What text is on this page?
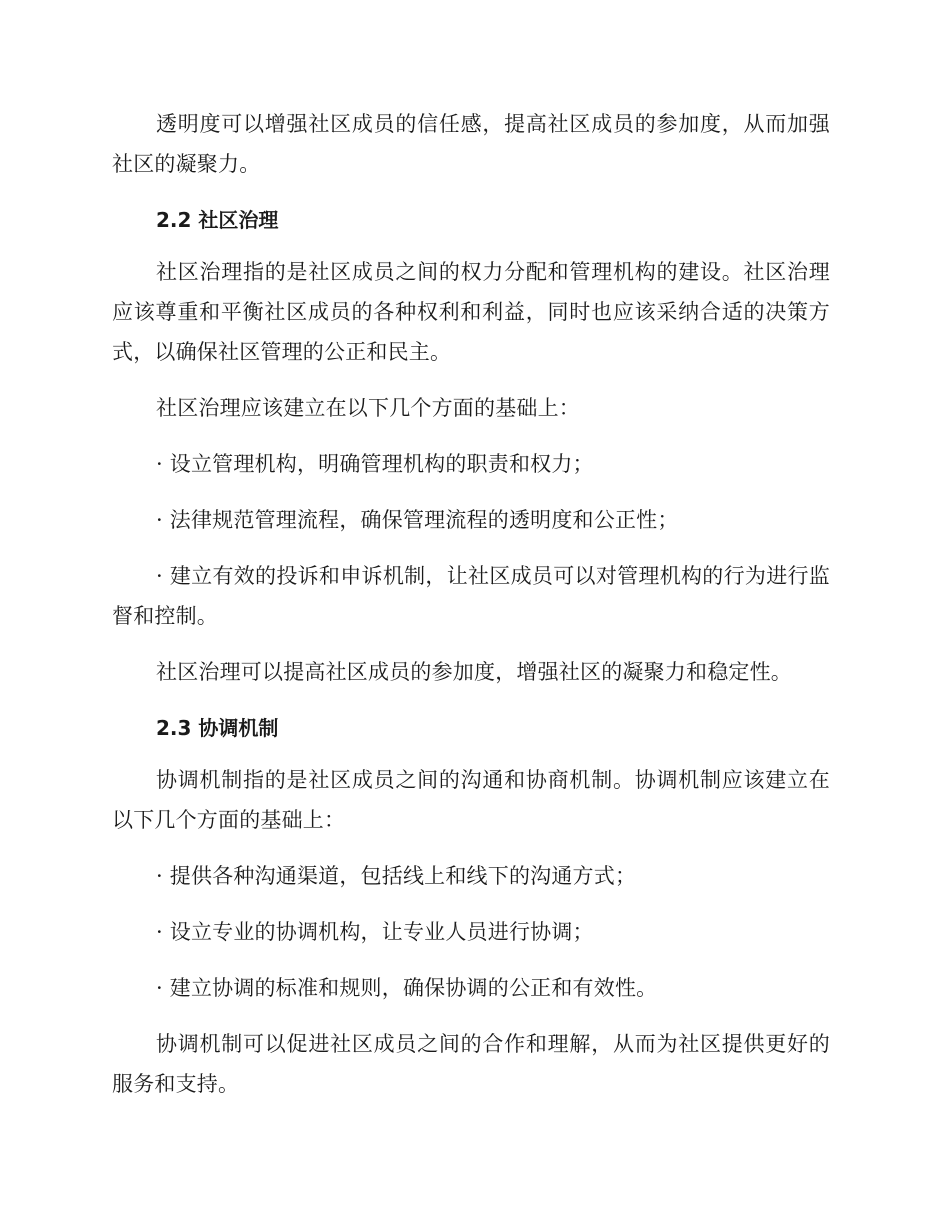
透明度可以增强社区成员的信任感，提高社区成员的参加度，从而加强社区的凝聚力。

2.2 社区治理

社区治理指的是社区成员之间的权力分配和管理机构的建设。社区治理应该尊重和平衡社区成员的各种权利和利益，同时也应该采纳合适的决策方式，以确保社区管理的公正和民主。

社区治理应该建立在以下几个方面的基础上：

· 设立管理机构，明确管理机构的职责和权力；

· 法律规范管理流程，确保管理流程的透明度和公正性；

· 建立有效的投诉和申诉机制，让社区成员可以对管理机构的行为进行监督和控制。

社区治理可以提高社区成员的参加度，增强社区的凝聚力和稳定性。

2.3 协调机制

协调机制指的是社区成员之间的沟通和协商机制。协调机制应该建立在以下几个方面的基础上：

· 提供各种沟通渠道，包括线上和线下的沟通方式；

· 设立专业的协调机构，让专业人员进行协调；

· 建立协调的标准和规则，确保协调的公正和有效性。

协调机制可以促进社区成员之间的合作和理解，从而为社区提供更好的服务和支持。
